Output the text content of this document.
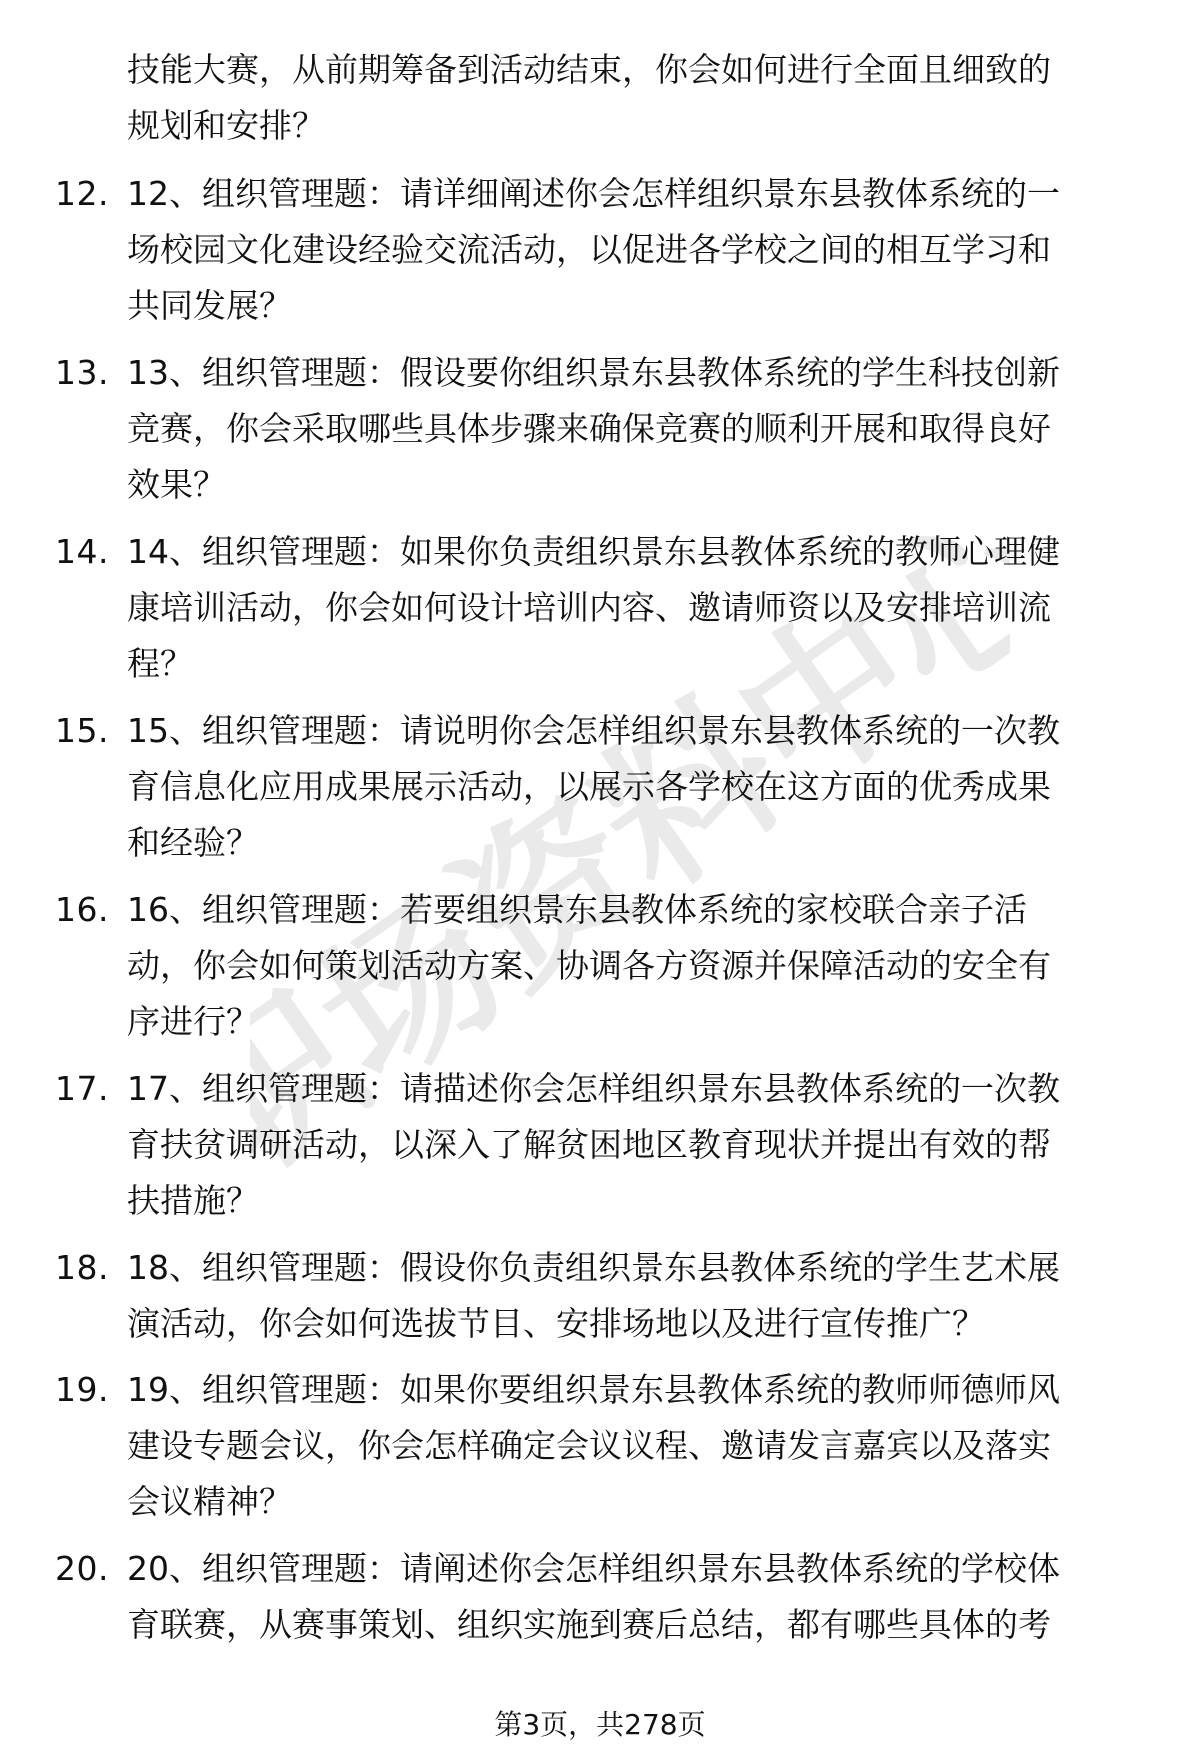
职场资料中心
技能大赛，从前期筹备到活动结束，你会如何进行全面且细致的
规划和安排？
12. 12、组织管理题：请详细阐述你会怎样组织景东县教体系统的一
场校园文化建设经验交流活动，以促进各学校之间的相互学习和
共同发展？
13. 13、组织管理题：假设要你组织景东县教体系统的学生科技创新
竞赛，你会采取哪些具体步骤来确保竞赛的顺利开展和取得良好
效果？
14. 14、组织管理题：如果你负责组织景东县教体系统的教师心理健
康培训活动，你会如何设计培训内容、邀请师资以及安排培训流
程？
15. 15、组织管理题：请说明你会怎样组织景东县教体系统的一次教
育信息化应用成果展示活动，以展示各学校在这方面的优秀成果
和经验？
16. 16、组织管理题：若要组织景东县教体系统的家校联合亲子活
动，你会如何策划活动方案、协调各方资源并保障活动的安全有
序进行？
17. 17、组织管理题：请描述你会怎样组织景东县教体系统的一次教
育扶贫调研活动，以深入了解贫困地区教育现状并提出有效的帮
扶措施？
18. 18、组织管理题：假设你负责组织景东县教体系统的学生艺术展
演活动，你会如何选拔节目、安排场地以及进行宣传推广？
19. 19、组织管理题：如果你要组织景东县教体系统的教师师德师风
建设专题会议，你会怎样确定会议议程、邀请发言嘉宾以及落实
会议精神？
20. 20、组织管理题：请阐述你会怎样组织景东县教体系统的学校体
育联赛，从赛事策划、组织实施到赛后总结，都有哪些具体的考
第3页，共278页
